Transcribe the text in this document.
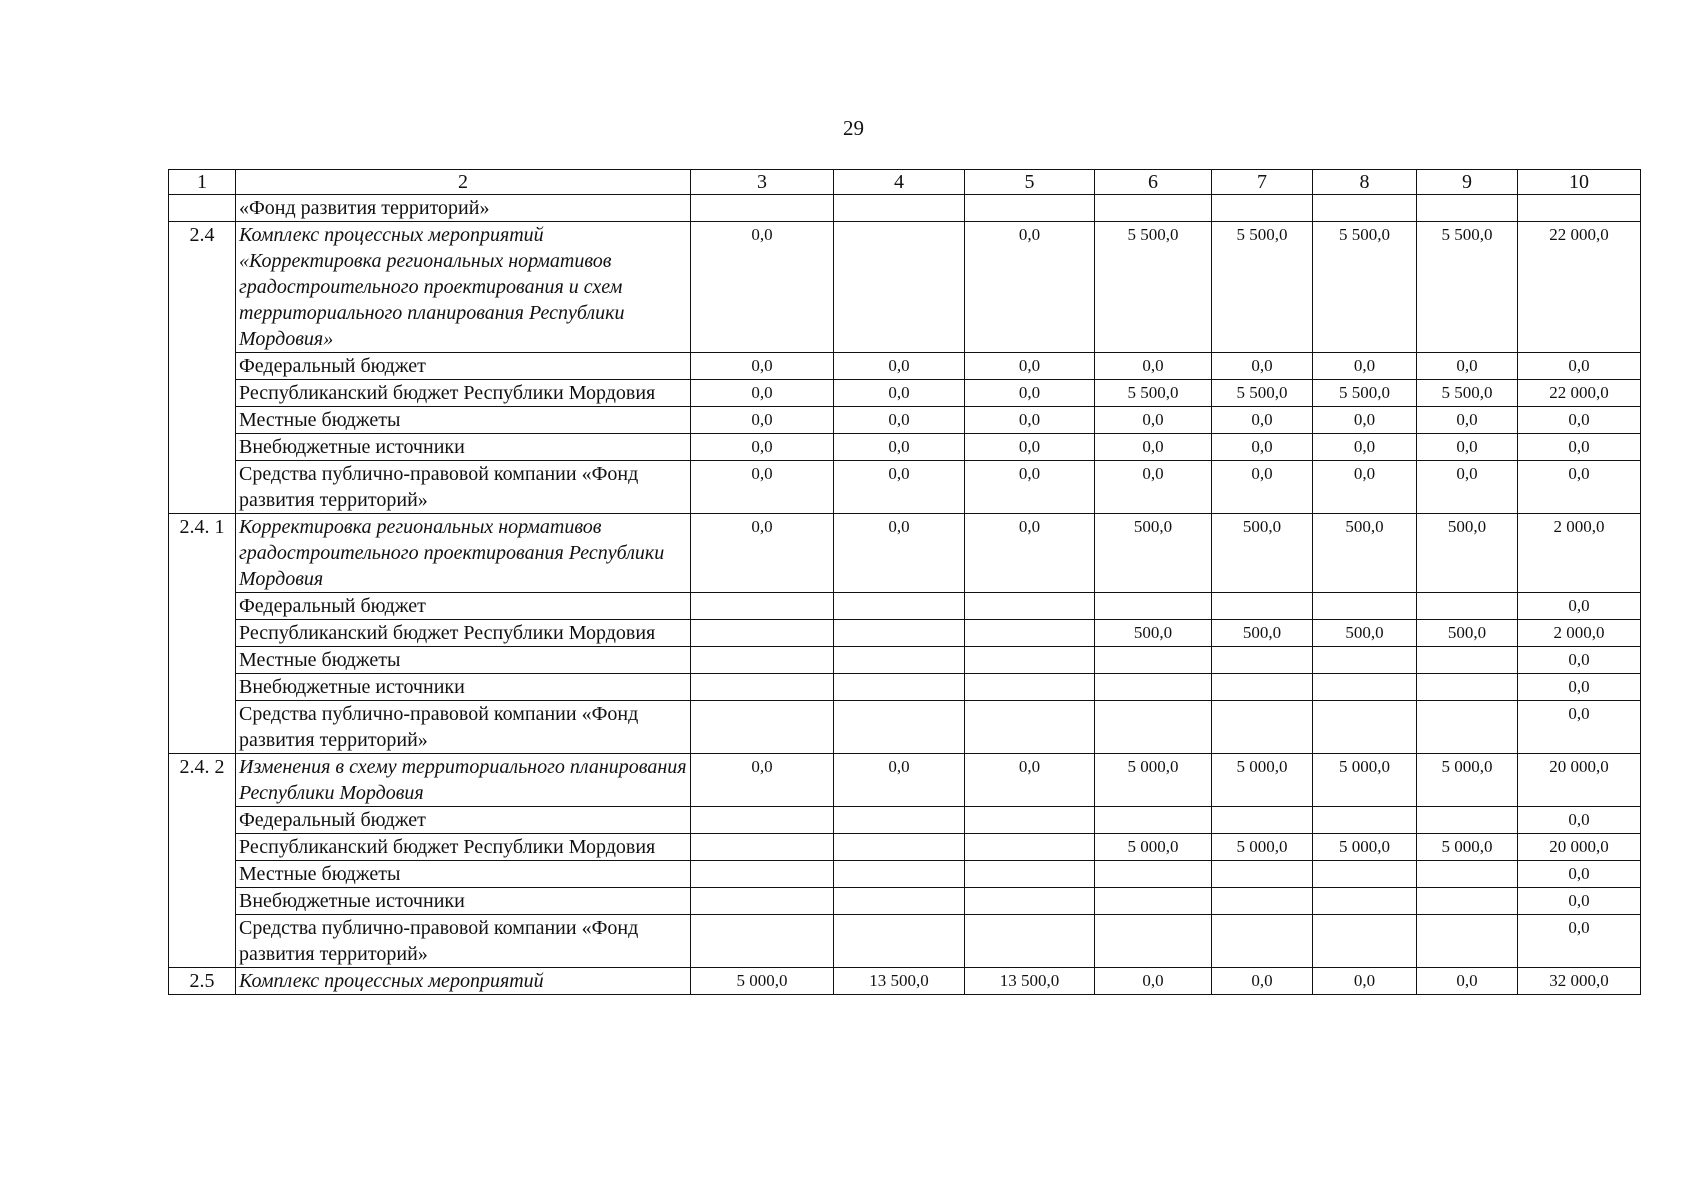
29
1	2	3	4	5	6	7	8	9	10
	«Фонд развития территорий»								
2.4	Комплекс процессных мероприятий «Корректировка региональных нормативов градостроительного проектирования и схем территориального планирования Республики Мордовия»	0,0		0,0	5 500,0	5 500,0	5 500,0	5 500,0	22 000,0
	Федеральный бюджет	0,0	0,0	0,0	0,0	0,0	0,0	0,0	0,0
	Республиканский бюджет Республики Мордовия	0,0	0,0	0,0	5 500,0	5 500,0	5 500,0	5 500,0	22 000,0
	Местные бюджеты	0,0	0,0	0,0	0,0	0,0	0,0	0,0	0,0
	Внебюджетные источники	0,0	0,0	0,0	0,0	0,0	0,0	0,0	0,0
	Средства публично-правовой компании «Фонд развития территорий»	0,0	0,0	0,0	0,0	0,0	0,0	0,0	0,0
2.4. 1	Корректировка региональных нормативов градостроительного проектирования Республики Мордовия	0,0	0,0	0,0	500,0	500,0	500,0	500,0	2 000,0
	Федеральный бюджет								0,0
	Республиканский бюджет Республики Мордовия				500,0	500,0	500,0	500,0	2 000,0
	Местные бюджеты								0,0
	Внебюджетные источники								0,0
	Средства публично-правовой компании «Фонд развития территорий»								0,0
2.4. 2	Изменения в схему территориального планирования Республики Мордовия	0,0	0,0	0,0	5 000,0	5 000,0	5 000,0	5 000,0	20 000,0
	Федеральный бюджет								0,0
	Республиканский бюджет Республики Мордовия				5 000,0	5 000,0	5 000,0	5 000,0	20 000,0
	Местные бюджеты								0,0
	Внебюджетные источники								0,0
	Средства публично-правовой компании «Фонд развития территорий»								0,0
2.5	Комплекс процессных мероприятий	5 000,0	13 500,0	13 500,0	0,0	0,0	0,0	0,0	32 000,0
